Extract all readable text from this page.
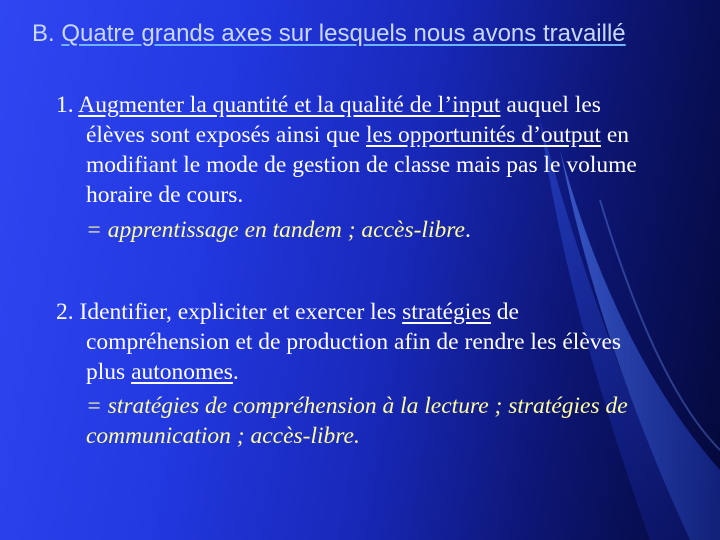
B. Quatre grands axes sur lesquels nous avons travaillé
1. Augmenter la quantité et la qualité de l’input auquel les
élèves sont exposés ainsi que les opportunités d’output en
modifiant le mode de gestion de classe mais pas le volume
horaire de cours.
= apprentissage en tandem ; accès-libre.
2. Identifier, expliciter et exercer les stratégies de
compréhension et de production afin de rendre les élèves
plus autonomes.
= stratégies de compréhension à la lecture ; stratégies de
communication ; accès-libre.
